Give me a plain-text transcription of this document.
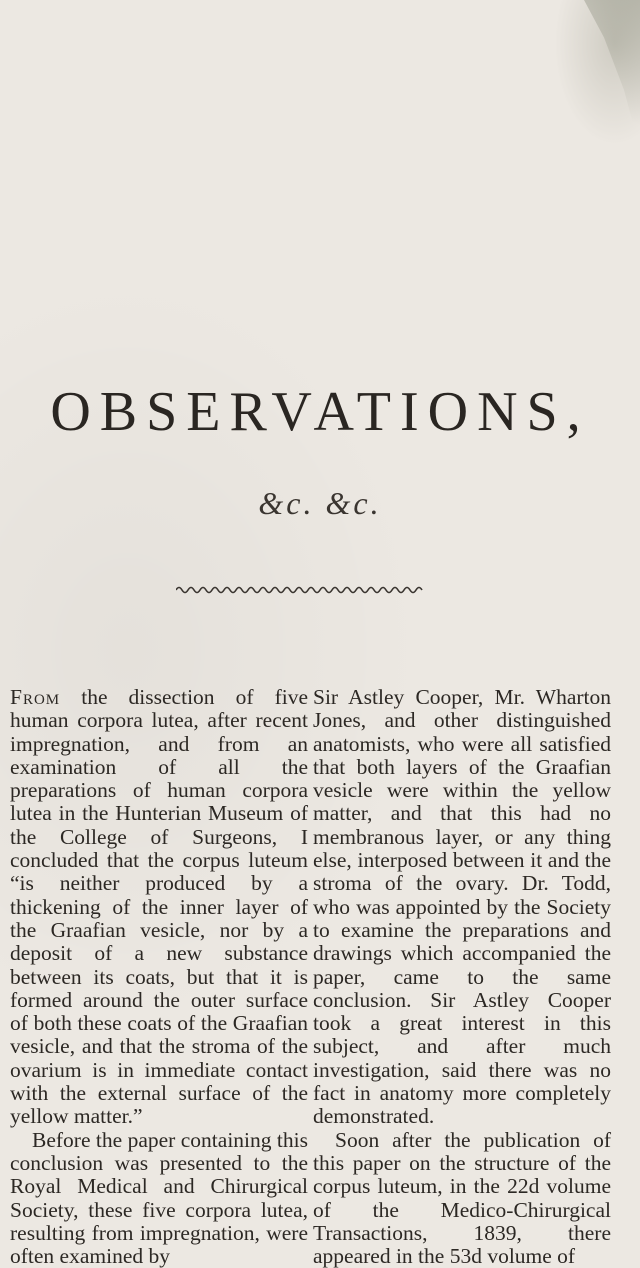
OBSERVATIONS,
&c. &c.

From the dissection of five human corpora lutea, after recent impregnation, and from an examination of all the preparations of human corpora lutea in the Hunterian Museum of the College of Surgeons, I concluded that the corpus luteum “is neither produced by a thickening of the inner layer of the Graafian vesicle, nor by a deposit of a new substance between its coats, but that it is formed around the outer surface of both these coats of the Graafian vesicle, and that the stroma of the ovarium is in immediate contact with the external surface of the yellow matter.”

Before the paper containing this conclusion was presented to the Royal Medical and Chirurgical Society, these five corpora lutea, resulting from impregnation, were often examined by

Sir Astley Cooper, Mr. Wharton Jones, and other distinguished anatomists, who were all satisfied that both layers of the Graafian vesicle were within the yellow matter, and that this had no membranous layer, or any thing else, interposed between it and the stroma of the ovary. Dr. Todd, who was appointed by the Society to examine the preparations and drawings which accompanied the paper, came to the same conclusion. Sir Astley Cooper took a great interest in this subject, and after much investigation, said there was no fact in anatomy more completely demonstrated.

Soon after the publication of this paper on the structure of the corpus luteum, in the 22d volume of the Medico-Chirurgical Transactions, 1839, there appeared in the 53d volume of
